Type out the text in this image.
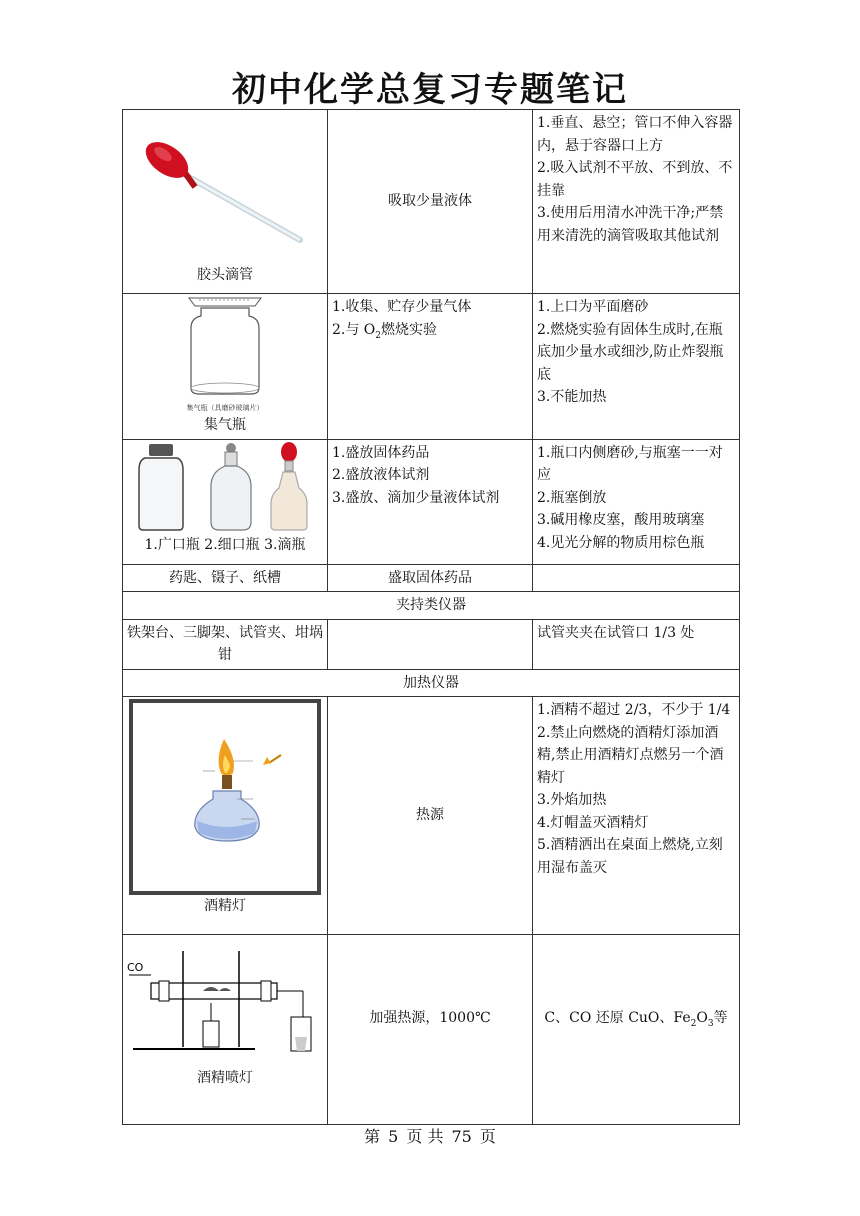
初中化学总复习专题笔记
胶头滴管	吸取少量液体	1.垂直、悬空；管口不伸入容器内，悬于容器口上方
2.吸入试剂不平放、不到放、不挂靠
3.使用后用清水冲洗干净;严禁用来清洗的滴管吸取其他试剂

集气瓶（具磨砂玻璃片）
集气瓶	1.收集、贮存少量气体
2.与 $O_2$燃烧实验	1.上口为平面磨砂
2.燃烧实验有固体生成时,在瓶底加少量水或细沙,防止炸裂瓶底
3.不能加热

1.广口瓶 2.细口瓶 3.滴瓶	1.盛放固体药品
2.盛放液体试剂
3.盛放、滴加少量液体试剂	1.瓶口内侧磨砂,与瓶塞一一对应
2.瓶塞倒放
3.碱用橡皮塞，酸用玻璃塞
4.见光分解的物质用棕色瓶

药匙、镊子、纸槽	盛取固体药品	
夹持类仪器		
铁架台、三脚架、试管夹、坩埚钳		试管夹夹在试管口 1/3 处
加热仪器		

酒精灯	热源	1.酒精不超过 2/3，不少于 1/4
2.禁止向燃烧的酒精灯添加酒精,禁止用酒精灯点燃另一个酒精灯
3.外焰加热
4.灯帽盖灭酒精灯
5.酒精洒出在桌面上燃烧,立刻用湿布盖灭

CO
酒精喷灯	加强热源，1000℃	C、CO 还原 CuO、$Fe_2O_3$等
第 5 页 共 75 页
